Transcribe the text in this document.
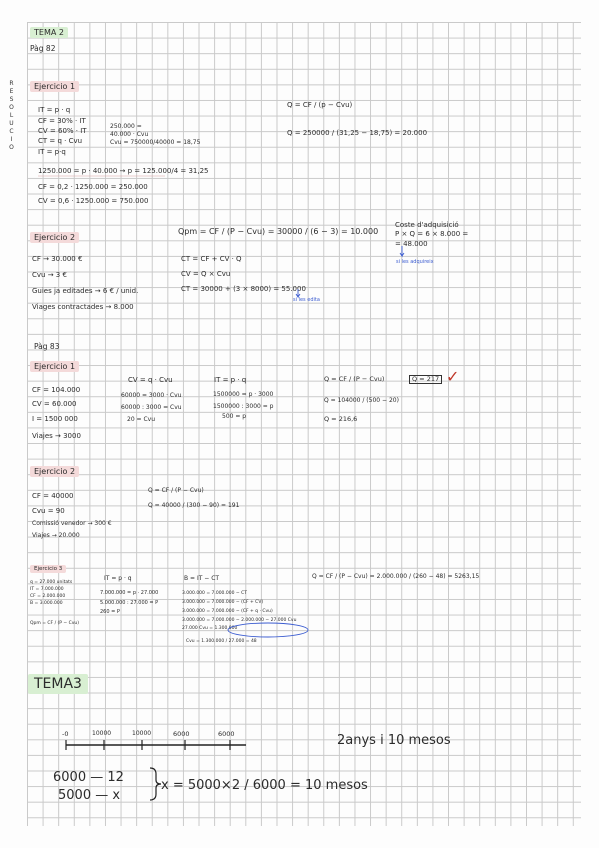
RESOLUCIO
TEMA 2
Pàg 82
Ejercicio 1
IT = p · q
CF = 30% · IT
CV = 60% · IT
CT = q · Cvu
IT = p·q
250.000 =
40.000 · Cvu
Cvu = 750000/40000 = 18,75
1250.000 = p · 40.000 → p = 125.000/4 = 31,25
CF = 0,2 · 1250.000 = 250.000
CV = 0,6 · 1250.000 = 750.000
Q = CF / (p − Cvu)
Q = 250000 / (31,25 − 18,75) = 20.000
Ejercicio 2
CF → 30.000 €
Cvu → 3 €
Guies ja editades → 6 € / unid.
Viages contractades → 8.000
Qpm = CF / (P − Cvu) = 30000 / (6 − 3) = 10.000
CT = CF + CV · Q
CV = Q × Cvu
CT = 30000 + (3 × 8000) = 55.000
si les edita
Coste d'adquisició
P × Q = 6 × 8.000 =
= 48.000
si les adquireix
Pàg 83
Ejercicio 1
CF = 104.000
CV = 60.000
I = 1500 000
Viajes → 3000
CV = q · Cvu
60000 = 3000 · Cvu
60000 : 3000 = Cvu
20 = Cvu
IT = p · q
1500000 = p · 3000
1500000 : 3000 = p
500 = p
Q = CF / (P − Cvu)
Q = 104000 / (500 − 20)
Q = 216,6
Q = 217 ✓
Ejercicio 2
CF = 40000
Cvu = 90
Comissió venedor → 300 €
Viajes → 20.000
Q = CF / (P − Cvu)
Q = 40000 / (300 − 90) = 191
Ejercicio 3
q = 27.000 unitats
IT = 7.000.000
CF = 2.000.000
B = 3.000.000
Qpm = CF / (P − Cvu)
IT = p · q
7.000.000 = p · 27.000
5.000.000 : 27.000 = P
260 = P
B = IT − CT
3.000.000 = 7.000.000 − CT
3.000.000 = 7.000.000 − (CF + CV)
3.000.000 = 7.000.000 − (CF + q · Cvu)
3.000.000 = 7.000.000 − 2.000.000 − 27.000 Cvu
27.000 Cvu = 1.300.000
Cvu = 1.300.000 / 27.000 = 48
Q = CF / (P − Cvu) = 2.000.000 / (260 − 48) = 5263,15
TEMA3
-0	10000	10000	6000	6000	2anys i 10 mesos
6000 — 12
5000 — x
x = 5000×2 / 6000 = 10 mesos
